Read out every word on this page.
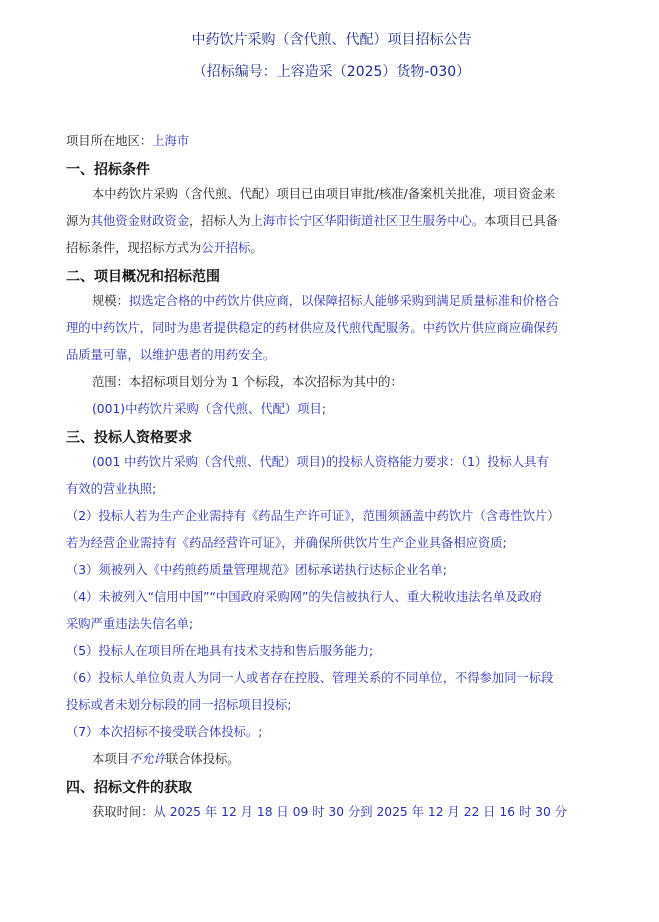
中药饮片采购（含代煎、代配）项目招标公告

（招标编号：上容造采（2025）货物-030）

项目所在地区：上海市

一、招标条件

本中药饮片采购（含代煎、代配）项目已由项目审批/核准/备案机关批准，项目资金来

源为其他资金财政资金，招标人为上海市长宁区华阳街道社区卫生服务中心。本项目已具备

招标条件，现招标方式为公开招标。

二、项目概况和招标范围

规模：拟选定合格的中药饮片供应商，以保障招标人能够采购到满足质量标准和价格合

理的中药饮片，同时为患者提供稳定的药材供应及代煎代配服务。中药饮片供应商应确保药

品质量可靠，以维护患者的用药安全。

范围：本招标项目划分为 1 个标段，本次招标为其中的：

(001)中药饮片采购（含代煎、代配）项目;

三、投标人资格要求

(001 中药饮片采购（含代煎、代配）项目)的投标人资格能力要求：（1）投标人具有

有效的营业执照;

（2）投标人若为生产企业需持有《药品生产许可证》，范围须涵盖中药饮片（含毒性饮片）

若为经营企业需持有《药品经营许可证》，并确保所供饮片生产企业具备相应资质;

（3）须被列入《中药煎药质量管理规范》团标承诺执行达标企业名单;

（4）未被列入“信用中国”“中国政府采购网”的失信被执行人、重大税收违法名单及政府

采购严重违法失信名单;

（5）投标人在项目所在地具有技术支持和售后服务能力;

（6）投标人单位负责人为同一人或者存在控股、管理关系的不同单位，不得参加同一标段

投标或者未划分标段的同一招标项目投标;

（7）本次招标不接受联合体投标。;

本项目不允许联合体投标。

四、招标文件的获取

获取时间：从 2025 年 12 月 18 日 09 时 30 分到 2025 年 12 月 22 日 16 时 30 分
